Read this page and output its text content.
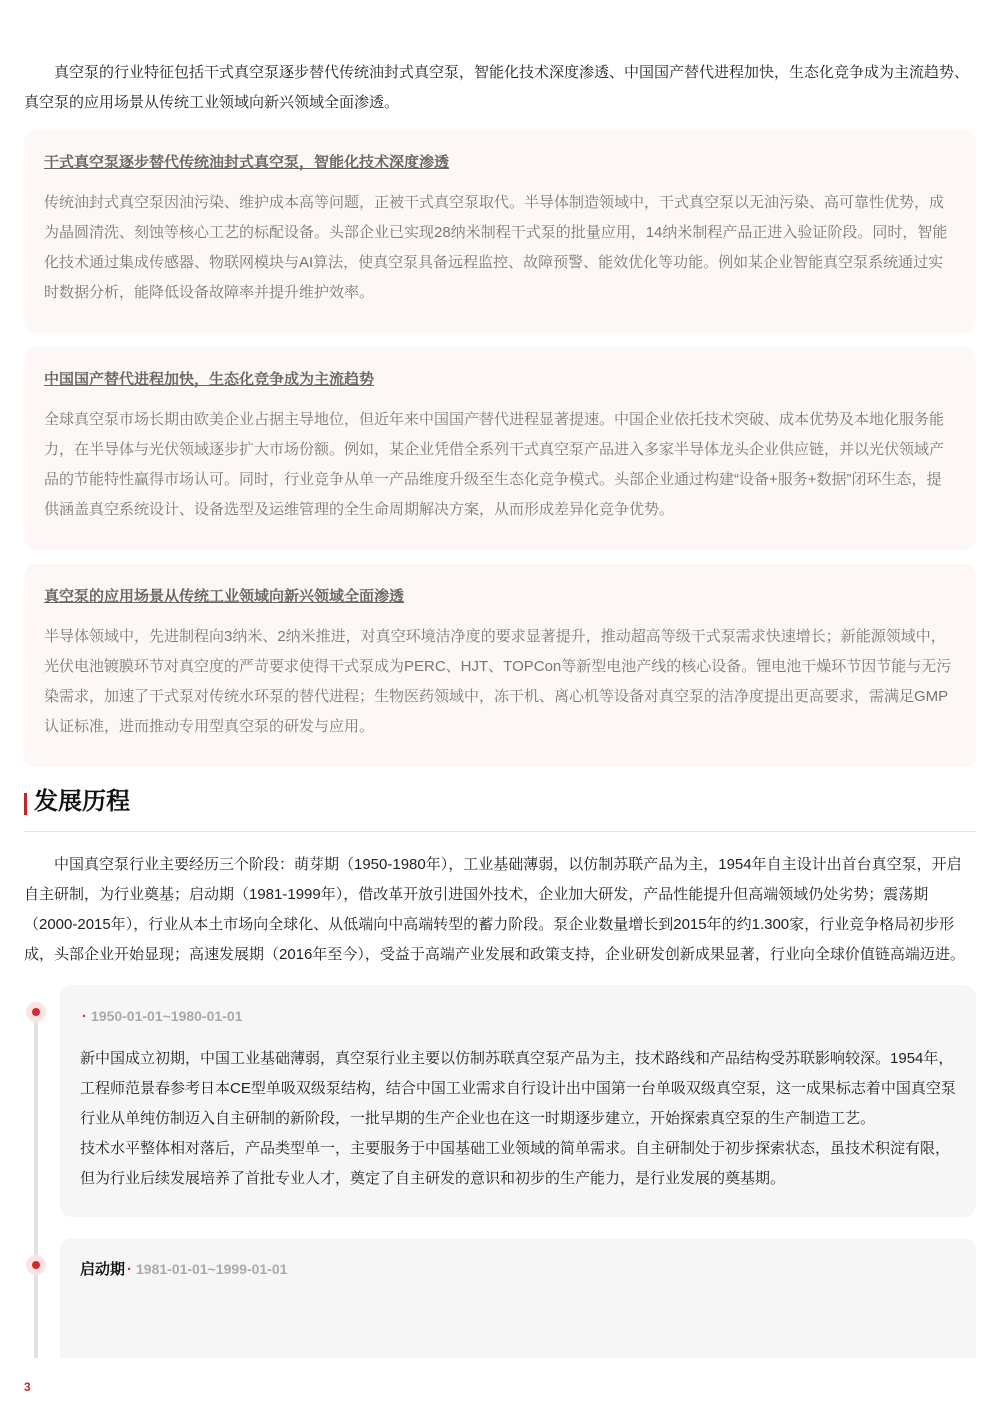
真空泵的行业特征包括干式真空泵逐步替代传统油封式真空泵，智能化技术深度渗透、中国国产替代进程加快，生态化竞争成为主流趋势、真空泵的应用场景从传统工业领域向新兴领域全面渗透。

干式真空泵逐步替代传统油封式真空泵，智能化技术深度渗透

传统油封式真空泵因油污染、维护成本高等问题，正被干式真空泵取代。半导体制造领域中，干式真空泵以无油污染、高可靠性优势，成为晶圆清洗、刻蚀等核心工艺的标配设备。头部企业已实现28纳米制程干式泵的批量应用，14纳米制程产品正进入验证阶段。同时，智能化技术通过集成传感器、物联网模块与AI算法，使真空泵具备远程监控、故障预警、能效优化等功能。例如某企业智能真空泵系统通过实时数据分析，能降低设备故障率并提升维护效率。

中国国产替代进程加快，生态化竞争成为主流趋势

全球真空泵市场长期由欧美企业占据主导地位，但近年来中国国产替代进程显著提速。中国企业依托技术突破、成本优势及本地化服务能力，在半导体与光伏领域逐步扩大市场份额。例如，某企业凭借全系列干式真空泵产品进入多家半导体龙头企业供应链，并以光伏领域产品的节能特性赢得市场认可。同时，行业竞争从单一产品维度升级至生态化竞争模式。头部企业通过构建“设备+服务+数据”闭环生态，提供涵盖真空系统设计、设备选型及运维管理的全生命周期解决方案，从而形成差异化竞争优势。

真空泵的应用场景从传统工业领域向新兴领域全面渗透

半导体领域中，先进制程向3纳米、2纳米推进，对真空环境洁净度的要求显著提升，推动超高等级干式泵需求快速增长；新能源领域中，光伏电池镀膜环节对真空度的严苛要求使得干式泵成为PERC、HJT、TOPCon等新型电池产线的核心设备。锂电池干燥环节因节能与无污染需求，加速了干式泵对传统水环泵的替代进程；生物医药领域中，冻干机、离心机等设备对真空泵的洁净度提出更高要求，需满足GMP认证标准，进而推动专用型真空泵的研发与应用。

发展历程

中国真空泵行业主要经历三个阶段：萌芽期（1950-1980年），工业基础薄弱，以仿制苏联产品为主，1954年自主设计出首台真空泵，开启自主研制，为行业奠基；启动期（1981-1999年），借改革开放引进国外技术，企业加大研发，产品性能提升但高端领域仍处劣势；震荡期（2000-2015年），行业从本土市场向全球化、从低端向中高端转型的蓄力阶段。泵企业数量增长到2015年的约1.300家，行业竞争格局初步形成，头部企业开始显现；高速发展期（2016年至今），受益于高端产业发展和政策支持，企业研发创新成果显著，行业向全球价值链高端迈进。

· 1950-01-01~1980-01-01

新中国成立初期，中国工业基础薄弱，真空泵行业主要以仿制苏联真空泵产品为主，技术路线和产品结构受苏联影响较深。1954年，工程师范景春参考日本CE型单吸双级泵结构，结合中国工业需求自行设计出中国第一台单吸双级真空泵，这一成果标志着中国真空泵行业从单纯仿制迈入自主研制的新阶段，一批早期的生产企业也在这一时期逐步建立，开始探索真空泵的生产制造工艺。

技术水平整体相对落后，产品类型单一，主要服务于中国基础工业领域的简单需求。自主研制处于初步探索状态，虽技术积淀有限，但为行业后续发展培养了首批专业人才，奠定了自主研发的意识和初步的生产能力，是行业发展的奠基期。

启动期 · 1981-01-01~1999-01-01

3
